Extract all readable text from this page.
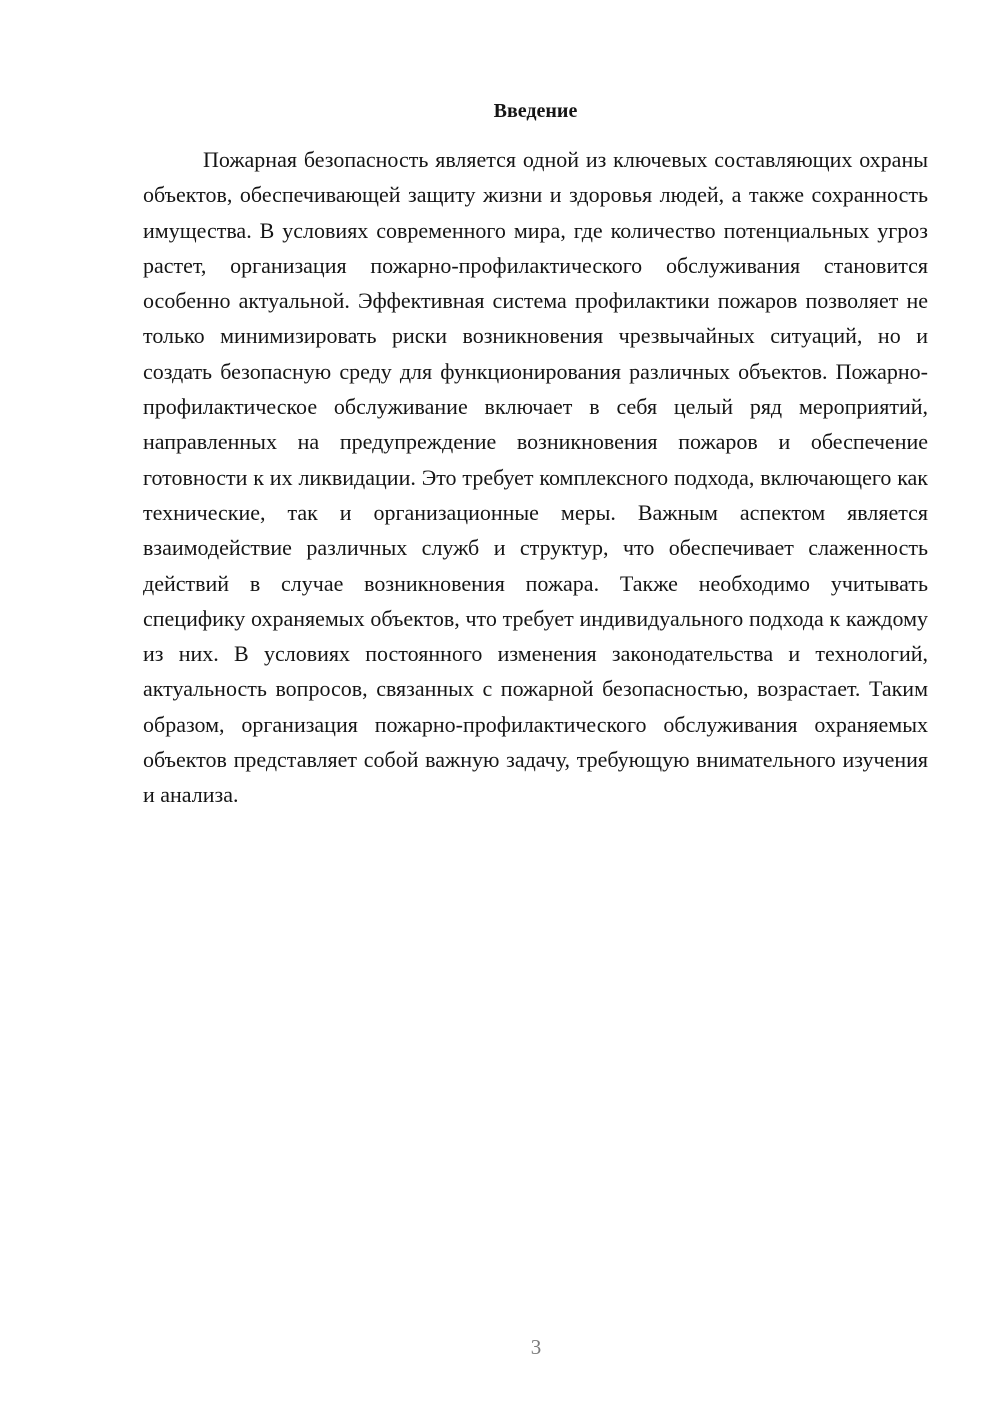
Введение

Пожарная безопасность является одной из ключевых составляющих охраны объектов, обеспечивающей защиту жизни и здоровья людей, а также сохранность имущества. В условиях современного мира, где количество потенциальных угроз растет, организация пожарно-профилактического обслуживания становится особенно актуальной. Эффективная система профилактики пожаров позволяет не только минимизировать риски возникновения чрезвычайных ситуаций, но и создать безопасную среду для функционирования различных объектов. Пожарно-профилактическое обслуживание включает в себя целый ряд мероприятий, направленных на предупреждение возникновения пожаров и обеспечение готовности к их ликвидации. Это требует комплексного подхода, включающего как технические, так и организационные меры. Важным аспектом является взаимодействие различных служб и структур, что обеспечивает слаженность действий в случае возникновения пожара. Также необходимо учитывать специфику охраняемых объектов, что требует индивидуального подхода к каждому из них. В условиях постоянного изменения законодательства и технологий, актуальность вопросов, связанных с пожарной безопасностью, возрастает. Таким образом, организация пожарно-профилактического обслуживания охраняемых объектов представляет собой важную задачу, требующую внимательного изучения и анализа.

3
